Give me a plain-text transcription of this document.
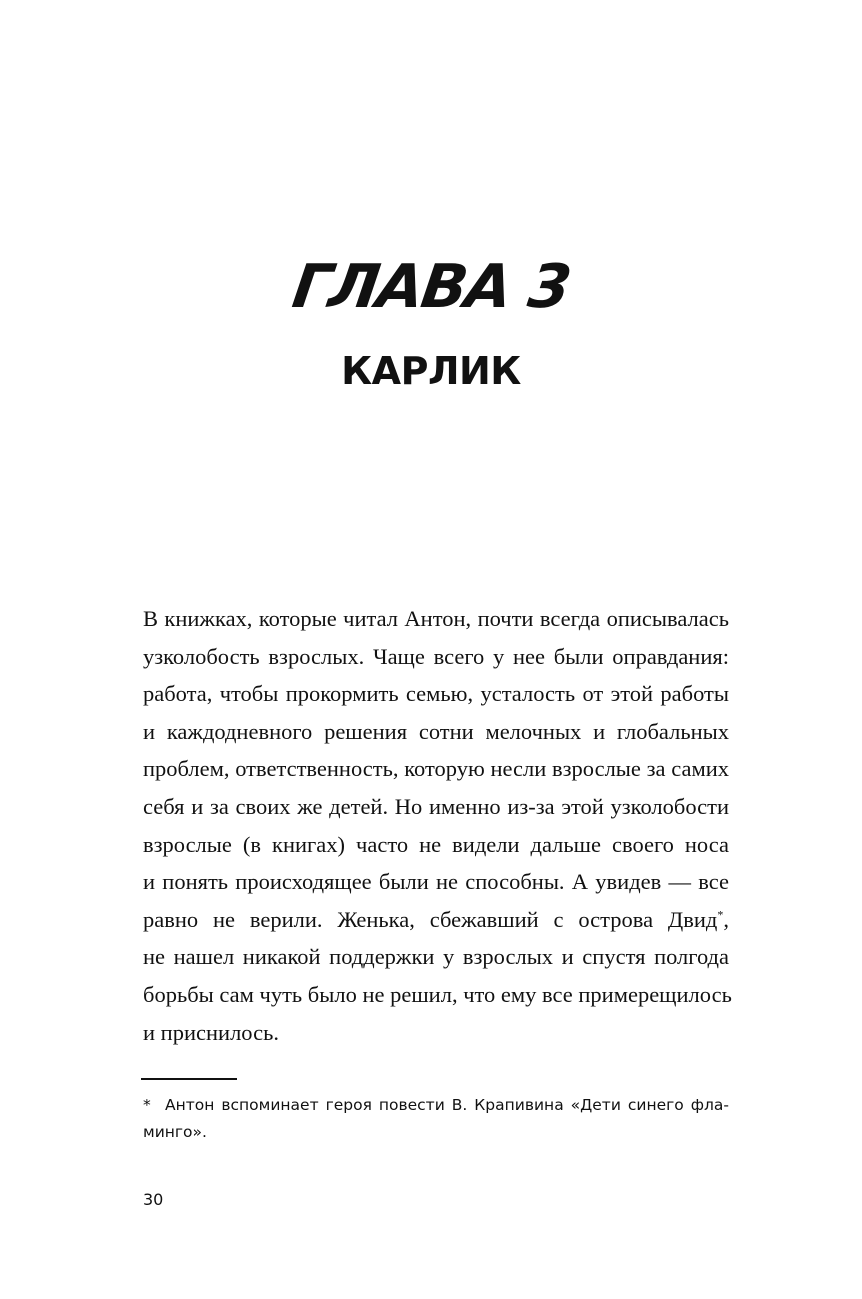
ГЛАВА 3
КАРЛИК
В книжках, которые читал Антон, почти всегда описывалась
узколобость взрослых. Чаще всего у нее были оправдания:
работа, чтобы прокормить семью, усталость от этой работы
и каждодневного решения сотни мелочных и глобальных
проблем, ответственность, которую несли взрослые за самих
себя и за своих же детей. Но именно из-за этой узколобости
взрослые (в книгах) часто не видели дальше своего носа
и понять происходящее были не способны. А увидев — все
равно не верили. Женька, сбежавший с острова Двид*,
не нашел никакой поддержки у взрослых и спустя полгода
борьбы сам чуть было не решил, что ему все примерещилось
и приснилось.
* Антон вспоминает героя повести В. Крапивина «Дети синего фла-
минго».
30
